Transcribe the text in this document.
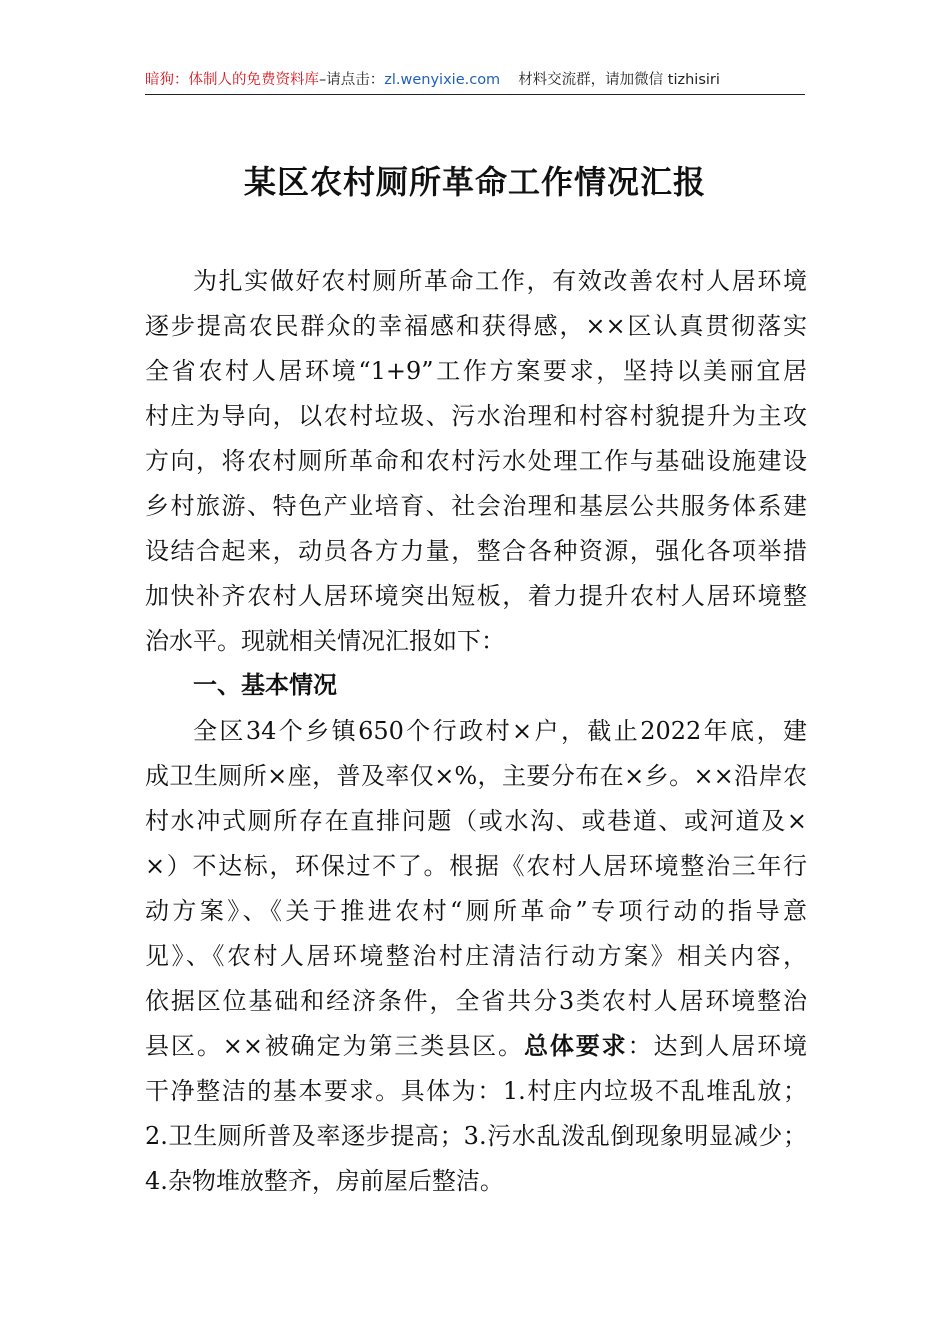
暗狗：体制人的免费资料库 –请点击： zl.wenyixie.com 材料交流群，请加微信 tizhisiri
某区农村厕所革命工作情况汇报
为扎实做好农村厕所革命工作，有效改善农村人居环境
逐步提高农民群众的幸福感和获得感，××区认真贯彻落实
全省农村人居环境“1+9”工作方案要求，坚持以美丽宜居
村庄为导向，以农村垃圾、污水治理和村容村貌提升为主攻
方向，将农村厕所革命和农村污水处理工作与基础设施建设
乡村旅游、特色产业培育、社会治理和基层公共服务体系建
设结合起来，动员各方力量，整合各种资源，强化各项举措
加快补齐农村人居环境突出短板，着力提升农村人居环境整
治水平。现就相关情况汇报如下：
一、基本情况
全区34个乡镇650个行政村×户，截止2022年底，建
成卫生厕所×座，普及率仅×%，主要分布在×乡。××沿岸农
村水冲式厕所存在直排问题（或水沟、或巷道、或河道及×
×）不达标，环保过不了。根据《农村人居环境整治三年行
动方案》、《关于推进农村“厕所革命”专项行动的指导意
见》、《农村人居环境整治村庄清洁行动方案》相关内容，
依据区位基础和经济条件，全省共分3类农村人居环境整治
县区。××被确定为第三类县区。总体要求：达到人居环境
干净整洁的基本要求。具体为：1.村庄内垃圾不乱堆乱放；
2.卫生厕所普及率逐步提高；3.污水乱泼乱倒现象明显减少；
4.杂物堆放整齐，房前屋后整洁。
